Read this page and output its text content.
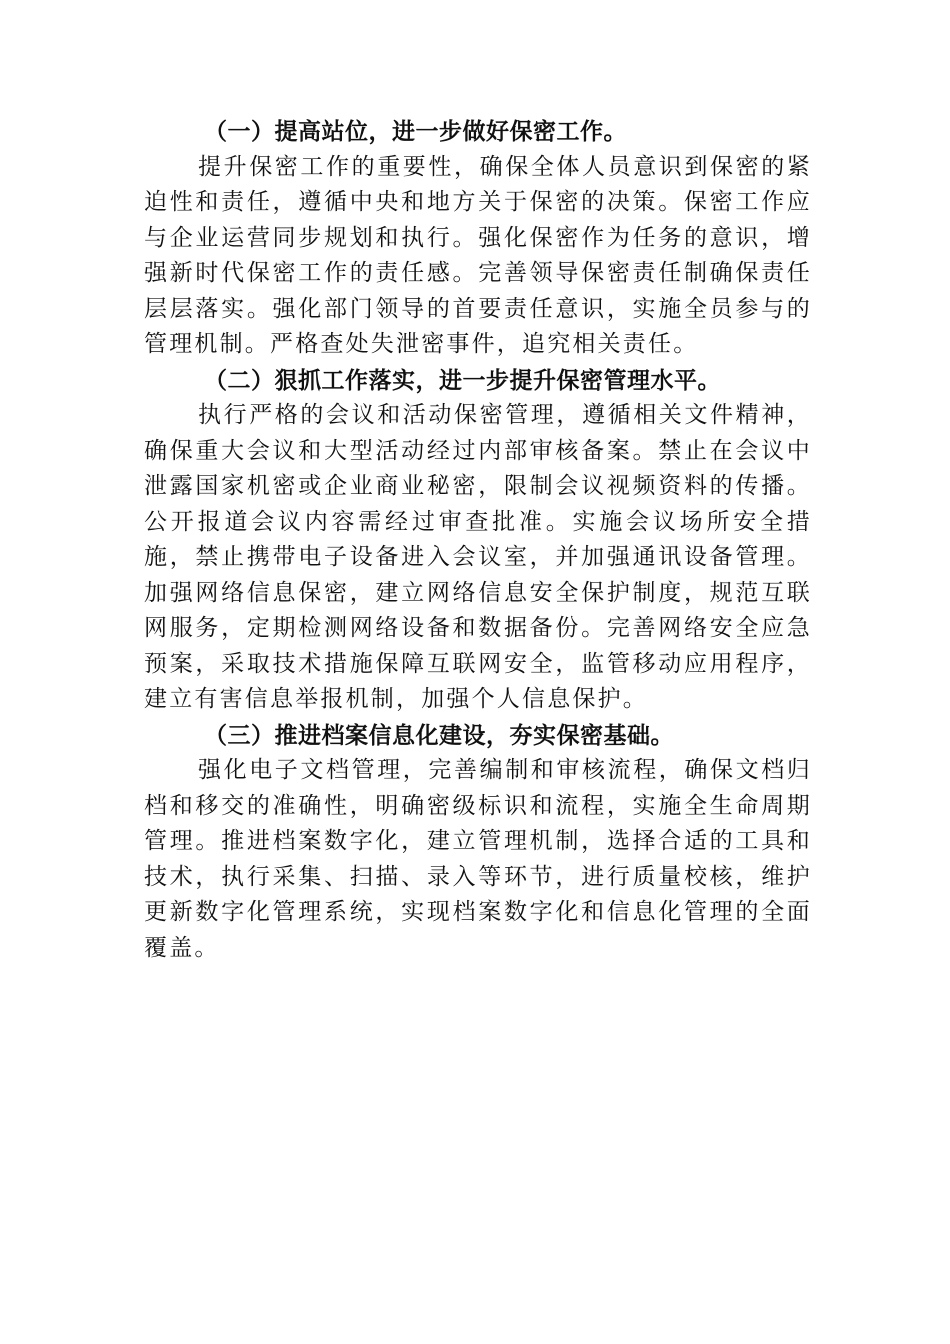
（一）提高站位，进一步做好保密工作。

提升保密工作的重要性，确保全体人员意识到保密的紧迫性和责任，遵循中央和地方关于保密的决策。保密工作应与企业运营同步规划和执行。强化保密作为任务的意识，增强新时代保密工作的责任感。完善领导保密责任制确保责任层层落实。强化部门领导的首要责任意识，实施全员参与的管理机制。严格查处失泄密事件，追究相关责任。

（二）狠抓工作落实，进一步提升保密管理水平。

执行严格的会议和活动保密管理，遵循相关文件精神，确保重大会议和大型活动经过内部审核备案。禁止在会议中泄露国家机密或企业商业秘密，限制会议视频资料的传播。公开报道会议内容需经过审查批准。实施会议场所安全措施，禁止携带电子设备进入会议室，并加强通讯设备管理。加强网络信息保密，建立网络信息安全保护制度，规范互联网服务，定期检测网络设备和数据备份。完善网络安全应急预案，采取技术措施保障互联网安全，监管移动应用程序，建立有害信息举报机制，加强个人信息保护。

（三）推进档案信息化建设，夯实保密基础。

强化电子文档管理，完善编制和审核流程，确保文档归档和移交的准确性，明确密级标识和流程，实施全生命周期管理。推进档案数字化，建立管理机制，选择合适的工具和技术，执行采集、扫描、录入等环节，进行质量校核，维护更新数字化管理系统，实现档案数字化和信息化管理的全面覆盖。
